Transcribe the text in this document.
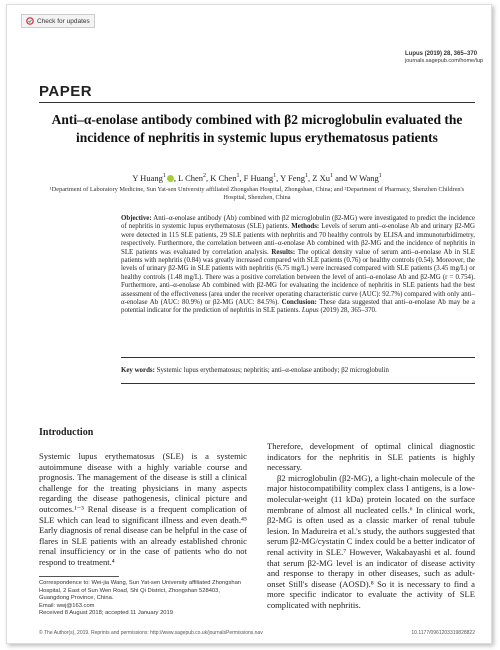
Check for updates
Lupus (2019) 28, 365–370
journals.sagepub.com/home/lup
PAPER
Anti–α-enolase antibody combined with β2 microglobulin evaluated the incidence of nephritis in systemic lupus erythematosus patients
Y Huang$^1$ , L Chen$^2$, K Chen$^1$, F Huang$^1$, Y Feng$^1$, Z Xu$^1$ and W Wang$^1$
¹Department of Laboratory Medicine, Sun Yat-sen University affiliated Zhongshan Hospital, Zhongshan, China; and ²Department of Pharmacy, Shenzhen Children's Hospital, Shenzhen, China
Objective: Anti–α-enolase antibody (Ab) combined with β2 microglobulin (β2-MG) were investigated to predict the incidence of nephritis in systemic lupus erythematosus (SLE) patients. Methods: Levels of serum anti–α-enolase Ab and urinary β2-MG were detected in 115 SLE patients, 29 SLE patients with nephritis and 70 healthy controls by ELISA and immunoturbidimetry, respectively. Furthermore, the correlation between anti–α-enolase Ab combined with β2-MG and the incidence of nephritis in SLE patients was evaluated by correlation analysis. Results: The optical density value of serum anti–α-enolase Ab in SLE patients with nephritis (0.84) was greatly increased compared with SLE patients (0.76) or healthy controls (0.54). Moreover, the levels of urinary β2-MG in SLE patients with nephritis (6.75 mg/L) were increased compared with SLE patients (3.45 mg/L) or healthy controls (1.48 mg/L). There was a positive correlation between the level of anti–α-enolase Ab and β2-MG (r = 0.754). Furthermore, anti–α-enolase Ab combined with β2-MG for evaluating the incidence of nephritis in SLE patients had the best assessment of the effectiveness (area under the receiver operating characteristic curve (AUC): 92.7%) compared with only anti–α-enolase Ab (AUC: 80.9%) or β2-MG (AUC: 84.5%). Conclusion: These data suggested that anti–α-enolase Ab may be a potential indicator for the prediction of nephritis in SLE patients. Lupus (2019) 28, 365–370.
Key words: Systemic lupus erythematosus; nephritis; anti–α-enolase antibody; β2 microglobulin
Introduction

Systemic lupus erythematosus (SLE) is a systemic autoimmune disease with a highly variable course and prognosis. The management of the disease is still a clinical challenge for the treating physicians in many aspects regarding the disease pathogenesis, clinical picture and outcomes.¹⁻³ Renal disease is a frequent complication of SLE which can lead to significant illness and even death.⁴⁵ Early diagnosis of renal disease can be helpful in the case of flares in SLE patients with an already established chronic renal insufficiency or in the case of patients who do not respond to treatment.⁴

Therefore, development of optimal clinical diagnostic indicators for the nephritis in SLE patients is highly necessary.

β2 microglobulin (β2-MG), a light-chain molecule of the major histocompatibility complex class I antigens, is a low-molecular-weight (11 kDa) protein located on the surface membrane of almost all nucleated cells.⁶ In clinical work, β2-MG is often used as a classic marker of renal tubule lesion. In Madureira et al.'s study, the authors suggested that serum β2-MG/cystatin C index could be a better indicator of renal activity in SLE.⁷ However, Wakabayashi et al. found that serum β2-MG level is an indicator of disease activity and response to therapy in other diseases, such as adult-onset Still's disease (AOSD).⁸ So it is necessary to find a more specific indicator to evaluate the activity of SLE complicated with nephritis.

Correspondence to: Wei-jia Wang, Sun Yat-sen University affiliated Zhongshan Hospital, 2 East of Sun Wen Road, Shi Qi District, Zhongshan 528403, Guangdong Province, China.
Email: wwj@163.com
Received 8 August 2018; accepted 11 January 2019
© The Author(s), 2019. Reprints and permissions: http://www.sagepub.co.uk/journalsPermissions.nav	10.1177/0961203319828822
